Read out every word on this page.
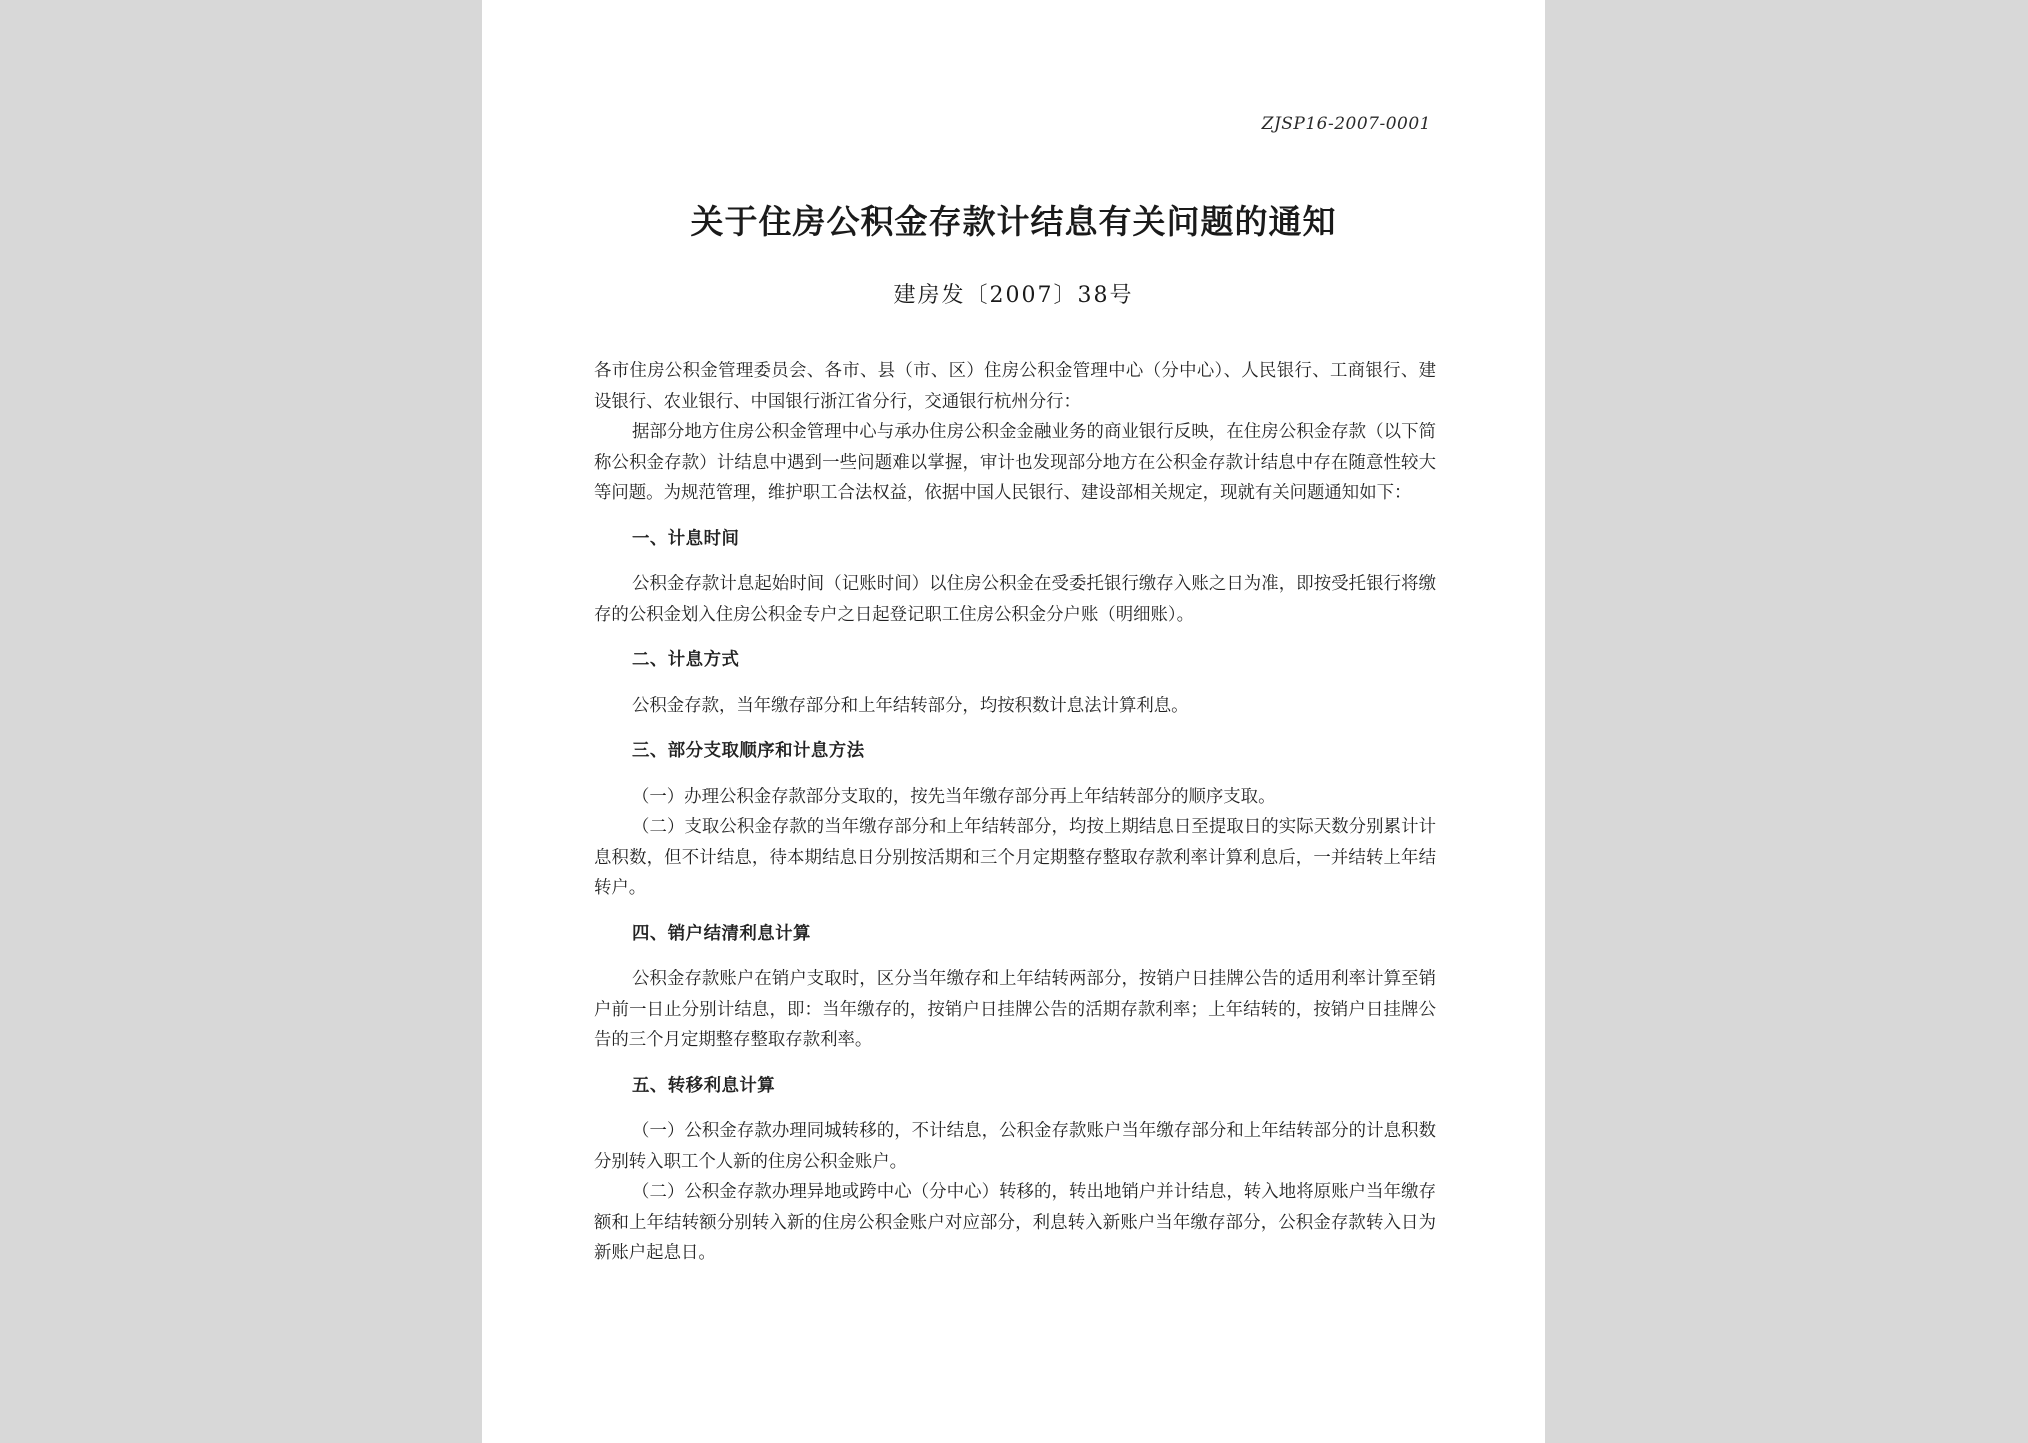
ZJSP16-2007-0001
关于住房公积金存款计结息有关问题的通知
建房发〔2007〕38号

各市住房公积金管理委员会、各市、县（市、区）住房公积金管理中心（分中心）、人民银行、工商银行、建设银行、农业银行、中国银行浙江省分行，交通银行杭州分行：

据部分地方住房公积金管理中心与承办住房公积金金融业务的商业银行反映，在住房公积金存款（以下简称公积金存款）计结息中遇到一些问题难以掌握，审计也发现部分地方在公积金存款计结息中存在随意性较大等问题。为规范管理，维护职工合法权益，依据中国人民银行、建设部相关规定，现就有关问题通知如下：

一、计息时间

公积金存款计息起始时间（记账时间）以住房公积金在受委托银行缴存入账之日为准，即按受托银行将缴存的公积金划入住房公积金专户之日起登记职工住房公积金分户账（明细账）。

二、计息方式

公积金存款，当年缴存部分和上年结转部分，均按积数计息法计算利息。

三、部分支取顺序和计息方法

（一）办理公积金存款部分支取的，按先当年缴存部分再上年结转部分的顺序支取。

（二）支取公积金存款的当年缴存部分和上年结转部分，均按上期结息日至提取日的实际天数分别累计计息积数，但不计结息，待本期结息日分别按活期和三个月定期整存整取存款利率计算利息后，一并结转上年结转户。

四、销户结清利息计算

公积金存款账户在销户支取时，区分当年缴存和上年结转两部分，按销户日挂牌公告的适用利率计算至销户前一日止分别计结息，即：当年缴存的，按销户日挂牌公告的活期存款利率；上年结转的，按销户日挂牌公告的三个月定期整存整取存款利率。

五、转移利息计算

（一）公积金存款办理同城转移的，不计结息，公积金存款账户当年缴存部分和上年结转部分的计息积数分别转入职工个人新的住房公积金账户。

（二）公积金存款办理异地或跨中心（分中心）转移的，转出地销户并计结息，转入地将原账户当年缴存额和上年结转额分别转入新的住房公积金账户对应部分，利息转入新账户当年缴存部分，公积金存款转入日为新账户起息日。
